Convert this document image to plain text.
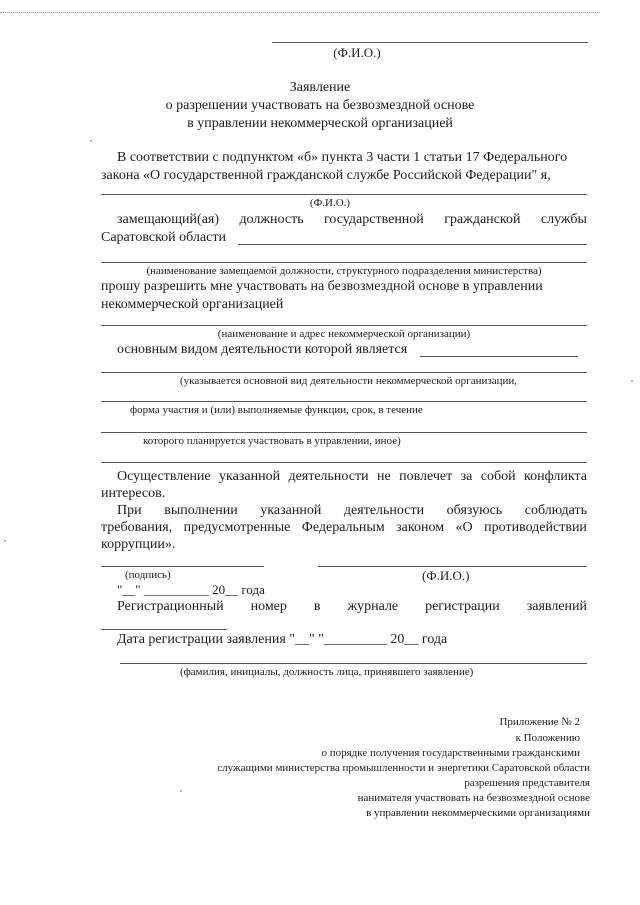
(Ф.И.О.)
Заявление
о разрешении участвовать на безвозмездной основе
в управлении некоммерческой организацией
В соответствии с подпунктом «б» пункта 3 части 1 статьи 17 Федерального
закона «О государственной гражданской службе Российской Федерации" я,
(Ф.И.О.)
замещающий(ая) должность государственной гражданской службы
Саратовской области
(наименование замещаемой должности, структурного подразделения министерства)
прошу разрешить мне участвовать на безвозмездной основе в управлении
некоммерческой организацией
(наименование и адрес некоммерческой организации)
основным видом деятельности которой является
(указывается основной вид деятельности некоммерческой организации,
форма участия и (или) выполняемые функции, срок, в течение
которого планируется участвовать в управлении, иное)
Осуществление указанной деятельности не повлечет за собой конфликта
интересов.
При выполнении указанной деятельности обязуюсь соблюдать
требования, предусмотренные Федеральным законом «О противодействии
коррупции».
(подпись)	(Ф.И.О.)
"__" __________ 20__ года
Регистрационный номер в журнале регистрации заявлений
Дата регистрации заявления "__" "_________ 20__ года
(фамилия, инициалы, должность лица, принявшего заявление)
Приложение № 2
к Положению
о порядке получения государственными гражданскими
служащими министерства промышленности и энергетики Саратовской области
разрешения представителя
нанимателя участвовать на безвозмездной основе
в управлении некоммерческими организациями
